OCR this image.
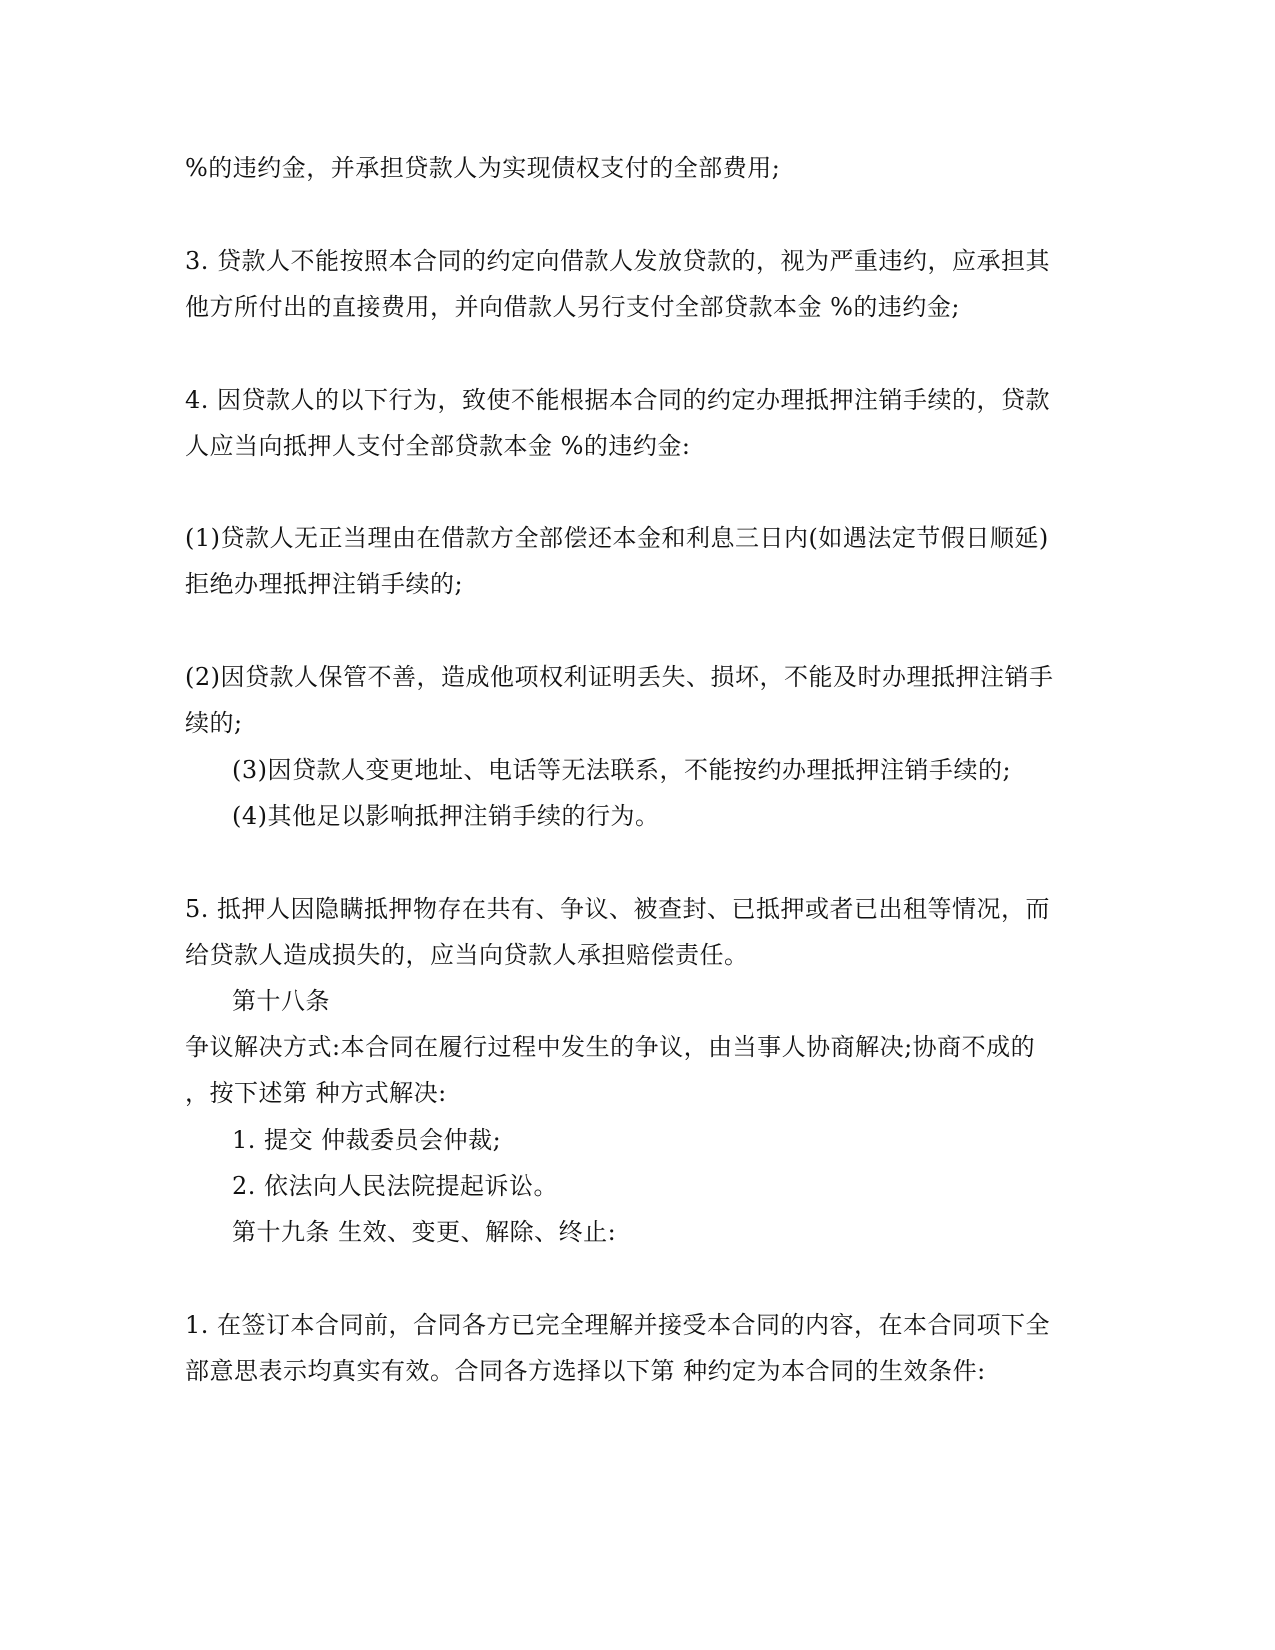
%的违约金，并承担贷款人为实现债权支付的全部费用;
3. 贷款人不能按照本合同的约定向借款人发放贷款的，视为严重违约，应承担其
他方所付出的直接费用，并向借款人另行支付全部贷款本金 %的违约金;
4. 因贷款人的以下行为，致使不能根据本合同的约定办理抵押注销手续的，贷款
人应当向抵押人支付全部贷款本金 %的违约金:
(1)贷款人无正当理由在借款方全部偿还本金和利息三日内(如遇法定节假日顺延)
拒绝办理抵押注销手续的;
(2)因贷款人保管不善，造成他项权利证明丢失、损坏，不能及时办理抵押注销手
续的;
(3)因贷款人变更地址、电话等无法联系，不能按约办理抵押注销手续的;
(4)其他足以影响抵押注销手续的行为。
5. 抵押人因隐瞒抵押物存在共有、争议、被查封、已抵押或者已出租等情况，而
给贷款人造成损失的，应当向贷款人承担赔偿责任。
第十八条
争议解决方式:本合同在履行过程中发生的争议，由当事人协商解决;协商不成的
，按下述第 种方式解决:
1. 提交 仲裁委员会仲裁;
2. 依法向人民法院提起诉讼。
第十九条 生效、变更、解除、终止:
1. 在签订本合同前，合同各方已完全理解并接受本合同的内容，在本合同项下全
部意思表示均真实有效。合同各方选择以下第 种约定为本合同的生效条件:
